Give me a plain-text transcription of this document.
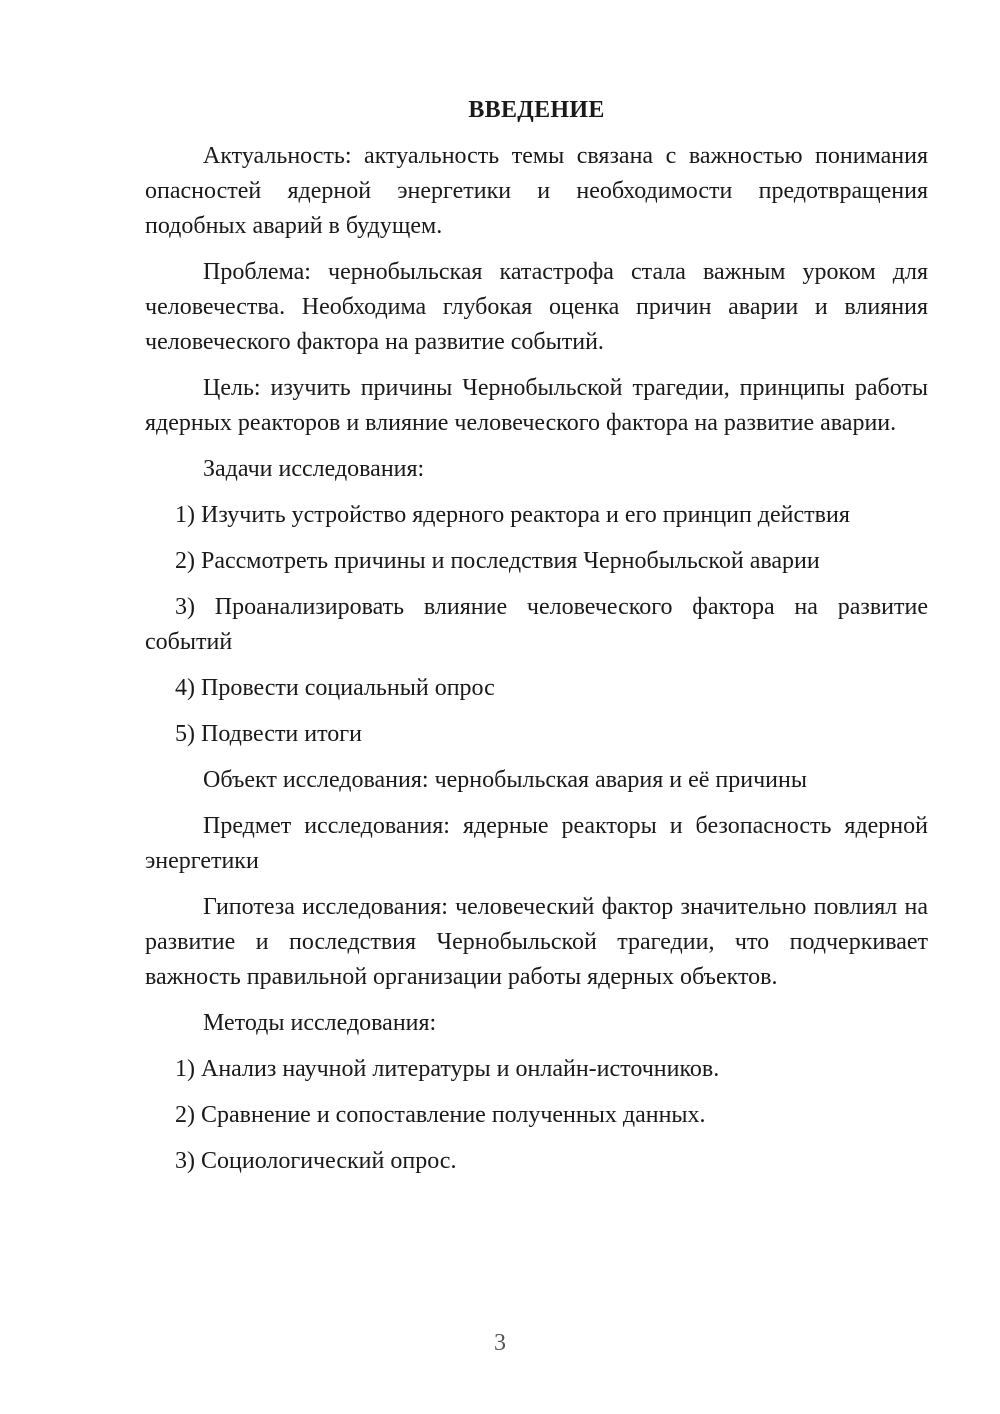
ВВЕДЕНИЕ
Актуальность: актуальность темы связана с важностью понимания опасностей ядерной энергетики и необходимости предотвращения подобных аварий в будущем.
Проблема: чернобыльская катастрофа стала важным уроком для человечества. Необходима глубокая оценка причин аварии и влияния человеческого фактора на развитие событий.
Цель: изучить причины Чернобыльской трагедии, принципы работы ядерных реакторов и влияние человеческого фактора на развитие аварии.
Задачи исследования:
1) Изучить устройство ядерного реактора и его принцип действия
2) Рассмотреть причины и последствия Чернобыльской аварии
3) Проанализировать влияние человеческого фактора на развитие событий
4) Провести социальный опрос
5) Подвести итоги
Объект исследования: чернобыльская авария и её причины
Предмет исследования: ядерные реакторы и безопасность ядерной энергетики
Гипотеза исследования: человеческий фактор значительно повлиял на развитие и последствия Чернобыльской трагедии, что подчеркивает важность правильной организации работы ядерных объектов.
Методы исследования:
1) Анализ научной литературы и онлайн-источников.
2) Сравнение и сопоставление полученных данных.
3) Социологический опрос.
3
